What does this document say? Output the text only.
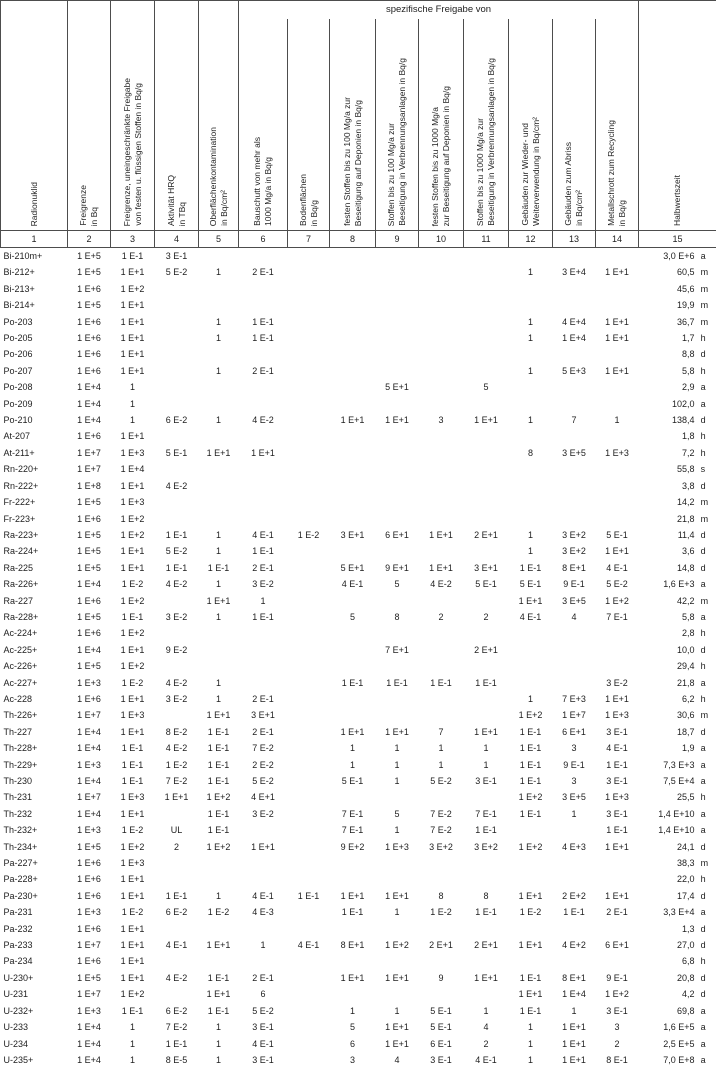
Radionuklid	Freigrenze in Bq	Freigrenze, uneingeschränkte Freigabe von festen u. flüssigen Stoffen in Bq/g	Aktivität HRQ in TBq	Oberflächenkontamination in Bq/cm²	spezifische Freigabe von									Halbwertszeit

					Bauschutt von mehr als 1000 Mg/a in Bq/g	Bodenflächen in Bq/g	festen Stoffen bis zu 100 Mg/a zur Beseitigung auf Deponien in Bq/g	Stoffen bis zu 100 Mg/a zur Beseitigung in Verbrennungsanlagen in Bq/g	festen Stoffen bis zu 1000 Mg/a zur Beseitigung auf Deponien in Bq/g	Stoffen bis zu 1000 Mg/a zur Beseitigung in Verbrennungsanlagen in Bq/g	Gebäuden zur Wieder- und Weiterverwendung in Bq/cm²	Gebäuden zum Abriss in Bq/cm²	Metallschrott zum Recycling in Bq/g	

1	2	3	4	5	6	7	8	9	10	11	12	13	14	15
Bi-210m+	1 E+5	1 E-1	3 E-1											3,0 E+6 a

Bi-212+	1 E+5	1 E+1	5 E-2	1	2 E-1						1	3 E+4	1 E+1	60,5 m

Bi-213+	1 E+6	1 E+2												45,6 m

Bi-214+	1 E+5	1 E+1												19,9 m

Po-203	1 E+6	1 E+1		1	1 E-1						1	4 E+4	1 E+1	36,7 m

Po-205	1 E+6	1 E+1		1	1 E-1						1	1 E+4	1 E+1	1,7 h

Po-206	1 E+6	1 E+1												8,8 d

Po-207	1 E+6	1 E+1		1	2 E-1						1	5 E+3	1 E+1	5,8 h

Po-208	1 E+4	1						5 E+1		5				2,9 a

Po-209	1 E+4	1												102,0 a

Po-210	1 E+4	1	6 E-2	1	4 E-2		1 E+1	1 E+1	3	1 E+1	1	7	1	138,4 d

At-207	1 E+6	1 E+1												1,8 h

At-211+	1 E+7	1 E+3	5 E-1	1 E+1	1 E+1						8	3 E+5	1 E+3	7,2 h

Rn-220+	1 E+7	1 E+4												55,8 s

Rn-222+	1 E+8	1 E+1	4 E-2											3,8 d

Fr-222+	1 E+5	1 E+3												14,2 m

Fr-223+	1 E+6	1 E+2												21,8 m

Ra-223+	1 E+5	1 E+2	1 E-1	1	4 E-1	1 E-2	3 E+1	6 E+1	1 E+1	2 E+1	1	3 E+2	5 E-1	11,4 d

Ra-224+	1 E+5	1 E+1	5 E-2	1	1 E-1						1	3 E+2	1 E+1	3,6 d

Ra-225	1 E+5	1 E+1	1 E-1	1 E-1	2 E-1		5 E+1	9 E+1	1 E+1	3 E+1	1 E-1	8 E+1	4 E-1	14,8 d

Ra-226+	1 E+4	1 E-2	4 E-2	1	3 E-2		4 E-1	5	4 E-2	5 E-1	5 E-1	9 E-1	5 E-2	1,6 E+3 a

Ra-227	1 E+6	1 E+2		1 E+1	1						1 E+1	3 E+5	1 E+2	42,2 m

Ra-228+	1 E+5	1 E-1	3 E-2	1	1 E-1		5	8	2	2	4 E-1	4	7 E-1	5,8 a

Ac-224+	1 E+6	1 E+2												2,8 h

Ac-225+	1 E+4	1 E+1	9 E-2					7 E+1		2 E+1				10,0 d

Ac-226+	1 E+5	1 E+2												29,4 h

Ac-227+	1 E+3	1 E-2	4 E-2	1			1 E-1	1 E-1	1 E-1	1 E-1			3 E-2	21,8 a

Ac-228	1 E+6	1 E+1	3 E-2	1	2 E-1						1	7 E+3	1 E+1	6,2 h

Th-226+	1 E+7	1 E+3		1 E+1	3 E+1						1 E+2	1 E+7	1 E+3	30,6 m

Th-227	1 E+4	1 E+1	8 E-2	1 E-1	2 E-1		1 E+1	1 E+1	7	1 E+1	1 E-1	6 E+1	3 E-1	18,7 d

Th-228+	1 E+4	1 E-1	4 E-2	1 E-1	7 E-2		1	1	1	1	1 E-1	3	4 E-1	1,9 a

Th-229+	1 E+3	1 E-1	1 E-2	1 E-1	2 E-2		1	1	1	1	1 E-1	9 E-1	1 E-1	7,3 E+3 a

Th-230	1 E+4	1 E-1	7 E-2	1 E-1	5 E-2		5 E-1	1	5 E-2	3 E-1	1 E-1	3	3 E-1	7,5 E+4 a

Th-231	1 E+7	1 E+3	1 E+1	1 E+2	4 E+1						1 E+2	3 E+5	1 E+3	25,5 h

Th-232	1 E+4	1 E+1		1 E-1	3 E-2		7 E-1	5	7 E-2	7 E-1	1 E-1	1	3 E-1	1,4 E+10 a

Th-232+	1 E+3	1 E-2	UL	1 E-1			7 E-1	1	7 E-2	1 E-1			1 E-1	1,4 E+10 a

Th-234+	1 E+5	1 E+2	2	1 E+2	1 E+1		9 E+2	1 E+3	3 E+2	3 E+2	1 E+2	4 E+3	1 E+1	24,1 d

Pa-227+	1 E+6	1 E+3												38,3 m

Pa-228+	1 E+6	1 E+1												22,0 h

Pa-230+	1 E+6	1 E+1	1 E-1	1	4 E-1	1 E-1	1 E+1	1 E+1	8	8	1 E+1	2 E+2	1 E+1	17,4 d

Pa-231	1 E+3	1 E-2	6 E-2	1 E-2	4 E-3		1 E-1	1	1 E-2	1 E-1	1 E-2	1 E-1	2 E-1	3,3 E+4 a

Pa-232	1 E+6	1 E+1												1,3 d

Pa-233	1 E+7	1 E+1	4 E-1	1 E+1	1	4 E-1	8 E+1	1 E+2	2 E+1	2 E+1	1 E+1	4 E+2	6 E+1	27,0 d

Pa-234	1 E+6	1 E+1												6,8 h

U-230+	1 E+5	1 E+1	4 E-2	1 E-1	2 E-1		1 E+1	1 E+1	9	1 E+1	1 E-1	8 E+1	9 E-1	20,8 d

U-231	1 E+7	1 E+2		1 E+1	6						1 E+1	1 E+4	1 E+2	4,2 d

U-232+	1 E+3	1 E-1	6 E-2	1 E-1	5 E-2		1	1	5 E-1	1	1 E-1	1	3 E-1	69,8 a

U-233	1 E+4	1	7 E-2	1	3 E-1		5	1 E+1	5 E-1	4	1	1 E+1	3	1,6 E+5 a

U-234	1 E+4	1	1 E-1	1	4 E-1		6	1 E+1	6 E-1	2	1	1 E+1	2	2,5 E+5 a

U-235+	1 E+4	1	8 E-5	1	3 E-1		3	4	3 E-1	4 E-1	1	1 E+1	8 E-1	7,0 E+8 a
